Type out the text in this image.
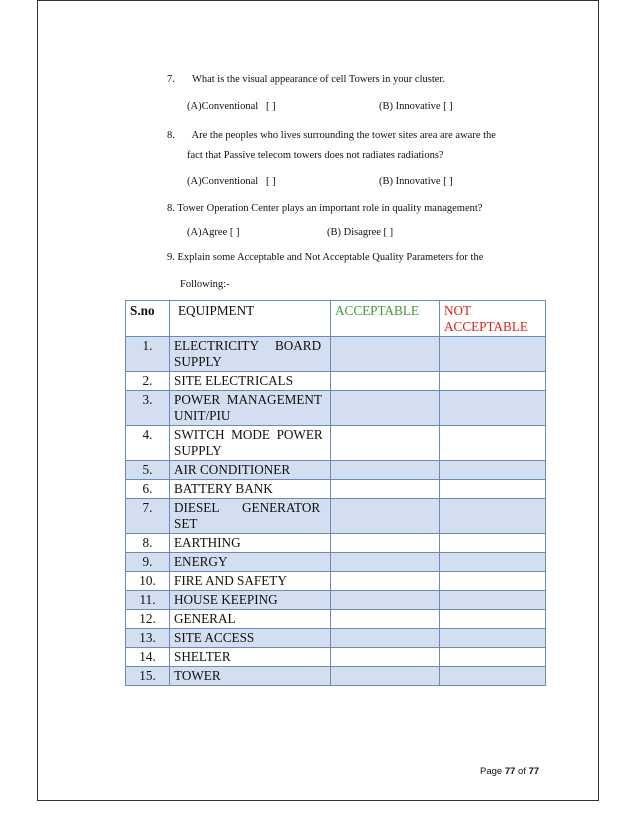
7. What is the visual appearance of cell Towers in your cluster.
(A)Conventional   [ ]	(B) Innovative [ ]
8. Are the peoples who lives surrounding the tower sites area are aware the
fact that Passive telecom towers does not radiates radiations?
(A)Conventional   [ ]	(B) Innovative [ ]
8. Tower Operation Center plays an important role in quality management?
(A)Agree [ ]	(B) Disagree [ ]
9. Explain some Acceptable and Not Acceptable Quality Parameters for the
Following:-
S.no	EQUIPMENT	ACCEPTABLE	NOT
ACCEPTABLE
1.	ELECTRICITY     BOARD
SUPPLY		
2.	SITE ELECTRICALS		
3.	POWER  MANAGEMENT
UNIT/PIU		
4.	SWITCH  MODE  POWER
SUPPLY		
5.	AIR CONDITIONER		
6.	BATTERY BANK		
7.	DIESEL       GENERATOR
SET		
8.	EARTHING		
9.	ENERGY		
10.	FIRE AND SAFETY		
11.	HOUSE KEEPING		
12.	GENERAL		
13.	SITE ACCESS		
14.	SHELTER		
15.	TOWER		
Page 77 of 77
